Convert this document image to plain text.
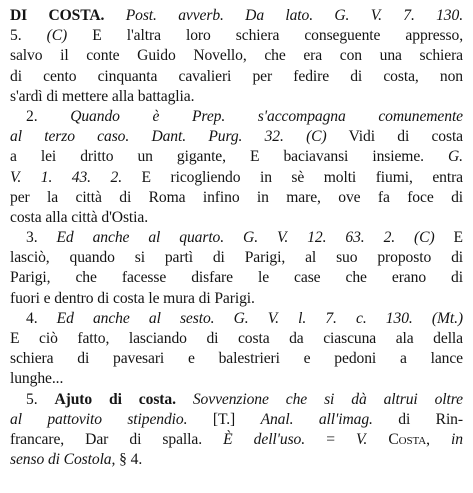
DI COSTA. Post. avverb. Da lato. G. V. 7. 130.
5. (C) E l'altra loro schiera conseguente appresso,
salvo il conte Guido Novello, che era con una schiera
di cento cinquanta cavalieri per fedire di costa, non
s'ardì di mettere alla battaglia.
2. Quando è Prep. s'accompagna comunemente
al terzo caso. Dant. Purg. 32. (C) Vidi di costa
a lei dritto un gigante, E baciavansi insieme. G.
V. 1. 43. 2. E ricogliendo in sè molti fiumi, entra
per la città di Roma infino in mare, ove fa foce di
costa alla città d'Ostia.
3. Ed anche al quarto. G. V. 12. 63. 2. (C) E
lasciò, quando si partì di Parigi, al suo proposto di
Parigi, che facesse disfare le case che erano di
fuori e dentro di costa le mura di Parigi.
4. Ed anche al sesto. G. V. l. 7. c. 130. (Mt.)
E ciò fatto, lasciando di costa da ciascuna ala della
schiera di pavesari e balestrieri e pedoni a lance
lunghe...
5. Ajuto di costa. Sovvenzione che si dà altrui oltre
al pattovito stipendio. [T.] Anal. all'imag. di Rin-
francare, Dar di spalla. È dell'uso. = V. Costa, in
senso di Costola, § 4.
